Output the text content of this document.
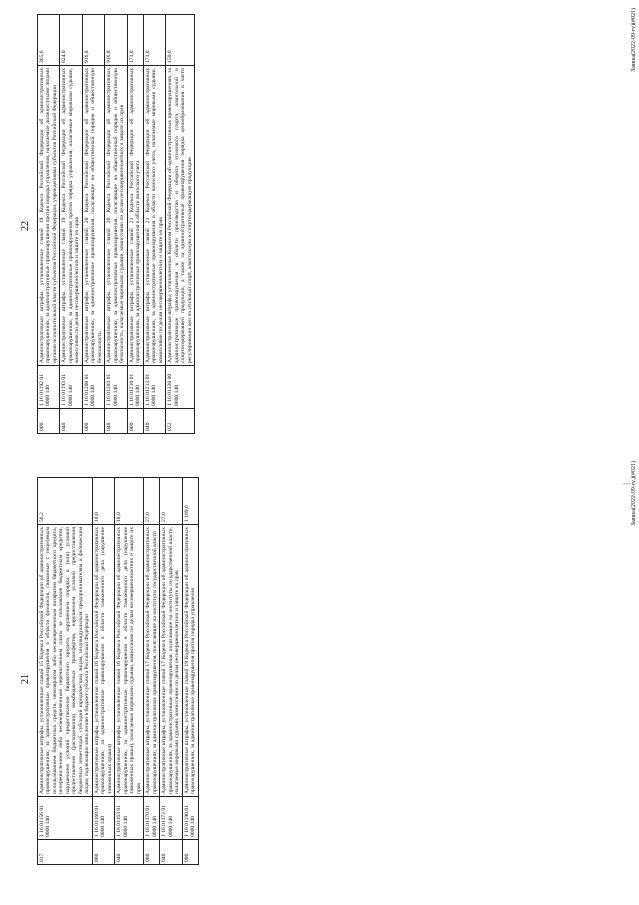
⁞
21
017	1 16 01156 01 0000 140	Административные штрафы, установленные главой 15 Кодекса Российской Федерации об административных правонарушениях, за административные правонарушения в области финансов, связанные с нецелевым использованием бюджетных средств, невозвратом либо несвоевременным возвратом бюджетного кредита, неперечислением либо несвоевременным перечислением платы за пользование бюджетным кредитом, нарушением условий предоставления бюджетного кредита, нарушением порядка и (или) условий предоставления (расходования) межбюджетных трансфертов, нарушением условий предоставления бюджетных инвестиций, субсидий юридическим лицам, индивидуальным предпринимателям и физическим лицам, подлежащие зачислению в бюджет субъекта Российской Федерации	56,2
000	1 16 01160 01 0000 140	Административные штрафы, установленные главой 16 Кодекса Российской Федерации об административных правонарушениях, за административные правонарушения в области таможенного дела (нарушение таможенных правил)	18,0
040	1 16 01163 01 0000 140	Административные штрафы, установленные главой 16 Кодекса Российской Федерации об административных правонарушениях, за административные правонарушения в области таможенного дела (нарушение таможенных правил), налагаемые мировыми судьями, комиссиями по делам несовершеннолетних и защите их прав	18,0
000	1 16 01170 01 0000 140	Административные штрафы, установленные главой 17 Кодекса Российской Федерации об административных правонарушениях, за административные правонарушения, посягающие на институты государственной власти	27,0
040	1 16 01173 01 0000 140	Административные штрафы, установленные главой 17 Кодекса Российской Федерации об административных правонарушениях, за административные правонарушения, посягающие на институты государственной власти, налагаемые мировыми судьями, комиссиями по делам несовершеннолетних и защите их прав	27,0
000	1 16 01190 01 0000 140	Административные штрафы, установленные главой 19 Кодекса Российской Федерации об административных правонарушениях, за административные правонарушения против порядка управления	1 189,6	Заявка(2022-09-rv.)(#021)
22
000	1 16 01192 01 0000 140	Административные штрафы, установленные главой 19 Кодекса Российской Федерации об административных правонарушениях, за административные правонарушения против порядка управления, налагаемые должностными лицами органов исполнительной власти субъектов Российской Федерации, учреждениями субъектов Российской Федерации	365,6
040	1 16 01193 01 0000 140	Административные штрафы, установленные главой 19 Кодекса Российской Федерации об административных правонарушениях, за административные правонарушения против порядка управления, налагаемые мировыми судьями, комиссиями по делам несовершеннолетних и защите их прав	824,0
000	1 16 01200 01 0000 140	Административные штрафы, установленные главой 20 Кодекса Российской Федерации об административных правонарушениях, за административные правонарушения, посягающие на общественный порядок и общественную безопасность	916,8
040	1 16 01203 01 0000 140	Административные штрафы, установленные главой 20 Кодекса Российской Федерации об административных правонарушениях, за административные правонарушения, посягающие на общественный порядок и общественную безопасность, налагаемые мировыми судьями, комиссиями по делам несовершеннолетних и защите их прав	916,8
000	1 16 01210 01 0000 140	Административные штрафы, установленные главой 21 Кодекса Российской Федерации об административных правонарушениях, за административные правонарушения в области воинского учета	173,0
040	1 16 01213 01 0000 140	Административные штрафы, установленные главой 21 Кодекса Российской Федерации об административных правонарушениях, за административные правонарушения в области воинского учета, налагаемые мировыми судьями, комиссиями по делам несовершеннолетних и защите их прав	173,0
022	1 16 01330 00 0000 140	Административные штрафы, установленные Кодексом Российской Федерации об административных правонарушениях, за административные правонарушения в области производства и оборота этилового спирта, алкогольной и спиртосодержащей продукции, а также за административные правонарушения порядка ценообразования в части регулирования цен на этиловый спирт, алкогольную и спиртосодержащую продукцию	150,0	Заявка(2022-09-rv)(#021)
